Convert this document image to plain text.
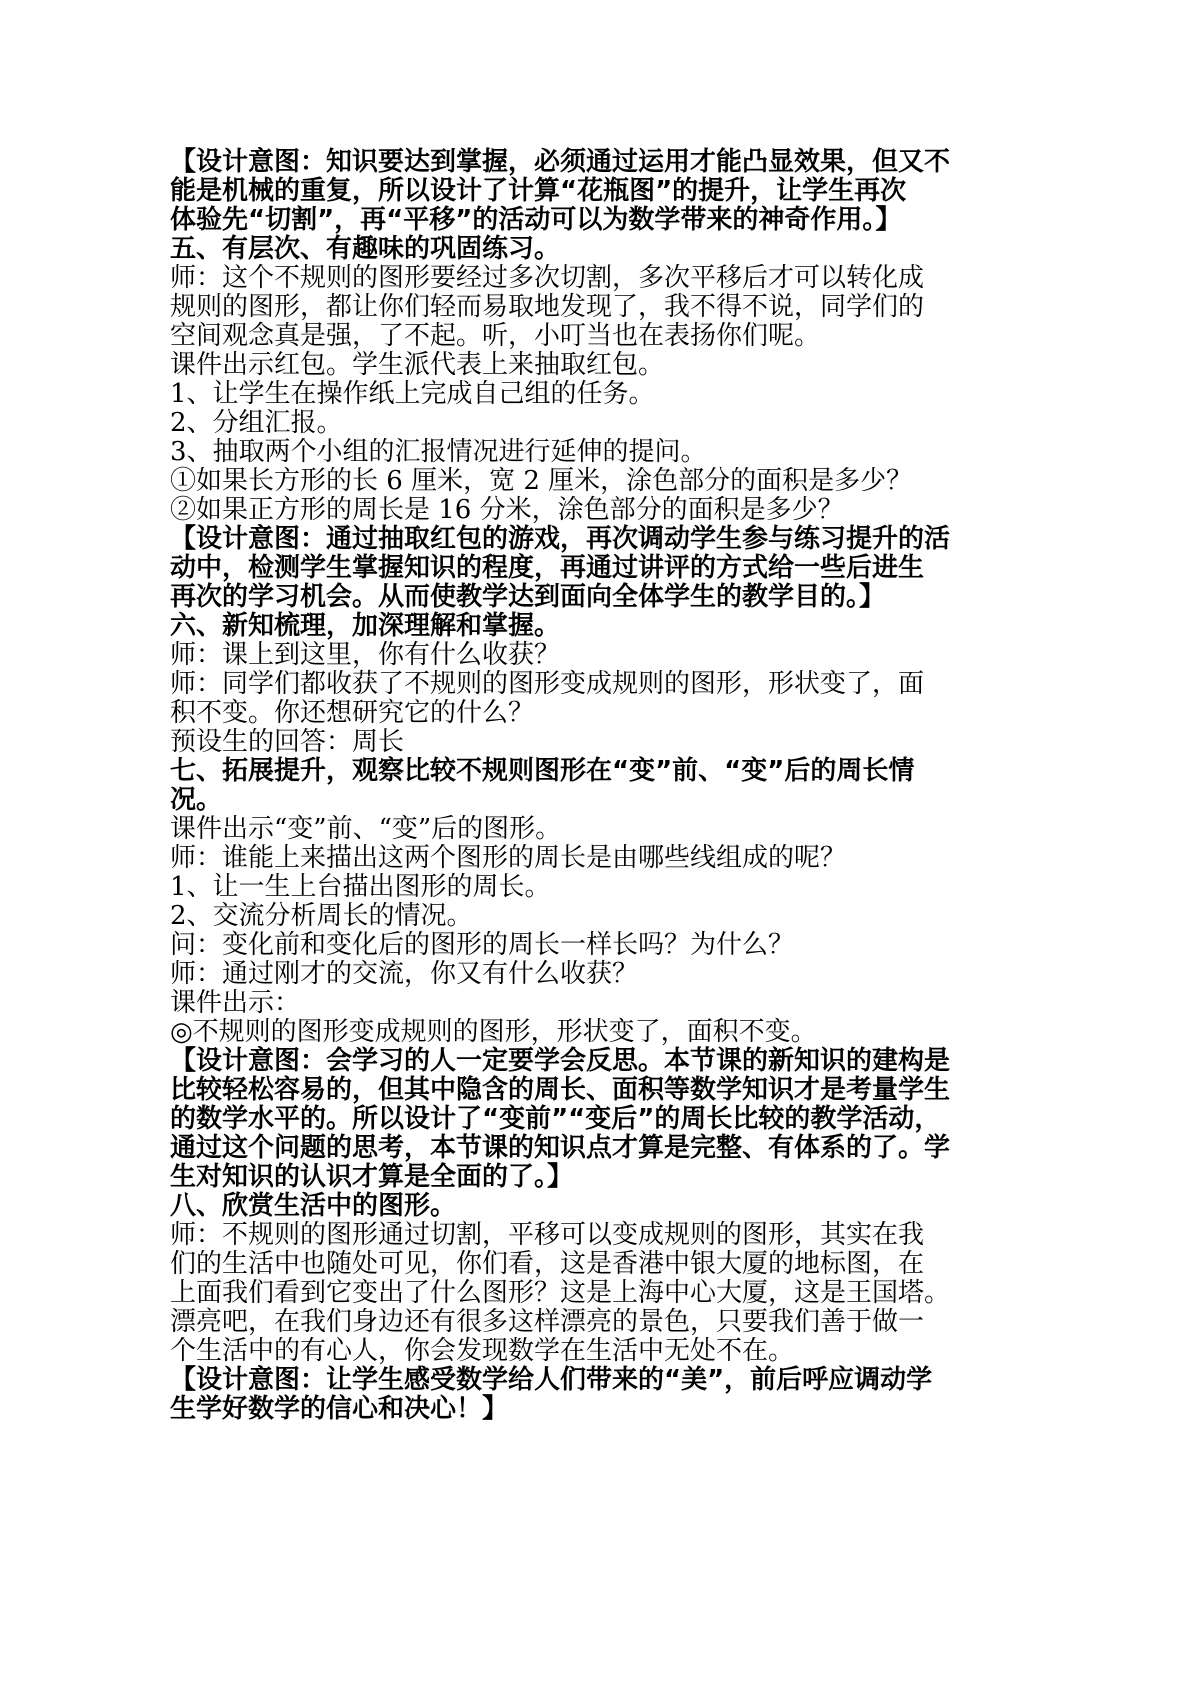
【设计意图：知识要达到掌握，必须通过运用才能凸显效果，但又不
能是机械的重复，所以设计了计算“花瓶图”的提升，让学生再次
体验先“切割”，再“平移”的活动可以为数学带来的神奇作用。】
五、有层次、有趣味的巩固练习。
师：这个不规则的图形要经过多次切割，多次平移后才可以转化成
规则的图形，都让你们轻而易取地发现了，我不得不说，同学们的
空间观念真是强，了不起。听，小叮当也在表扬你们呢。
课件出示红包。学生派代表上来抽取红包。
1、让学生在操作纸上完成自己组的任务。
2、分组汇报。
3、抽取两个小组的汇报情况进行延伸的提问。
①如果长方形的长 6 厘米，宽 2 厘米，涂色部分的面积是多少？
②如果正方形的周长是 16 分米，涂色部分的面积是多少？
【设计意图：通过抽取红包的游戏，再次调动学生参与练习提升的活
动中，检测学生掌握知识的程度，再通过讲评的方式给一些后进生
再次的学习机会。从而使教学达到面向全体学生的教学目的。】
六、新知梳理，加深理解和掌握。
师：课上到这里，你有什么收获？
师：同学们都收获了不规则的图形变成规则的图形，形状变了，面
积不变。你还想研究它的什么？
预设生的回答：周长
七、拓展提升，观察比较不规则图形在“变”前、“变”后的周长情
况。
课件出示“变”前、“变”后的图形。
师：谁能上来描出这两个图形的周长是由哪些线组成的呢？
1、让一生上台描出图形的周长。
2、交流分析周长的情况。
问：变化前和变化后的图形的周长一样长吗？为什么？
师：通过刚才的交流，你又有什么收获？
课件出示：
◎不规则的图形变成规则的图形，形状变了，面积不变。
【设计意图：会学习的人一定要学会反思。本节课的新知识的建构是
比较轻松容易的，但其中隐含的周长、面积等数学知识才是考量学生
的数学水平的。所以设计了“变前”“变后”的周长比较的教学活动，
通过这个问题的思考，本节课的知识点才算是完整、有体系的了。学
生对知识的认识才算是全面的了。】
八、欣赏生活中的图形。
师：不规则的图形通过切割，平移可以变成规则的图形，其实在我
们的生活中也随处可见，你们看，这是香港中银大厦的地标图，在
上面我们看到它变出了什么图形？这是上海中心大厦，这是王国塔。
漂亮吧，在我们身边还有很多这样漂亮的景色，只要我们善于做一
个生活中的有心人，你会发现数学在生活中无处不在。
【设计意图：让学生感受数学给人们带来的“美”，前后呼应调动学
生学好数学的信心和决心！】
